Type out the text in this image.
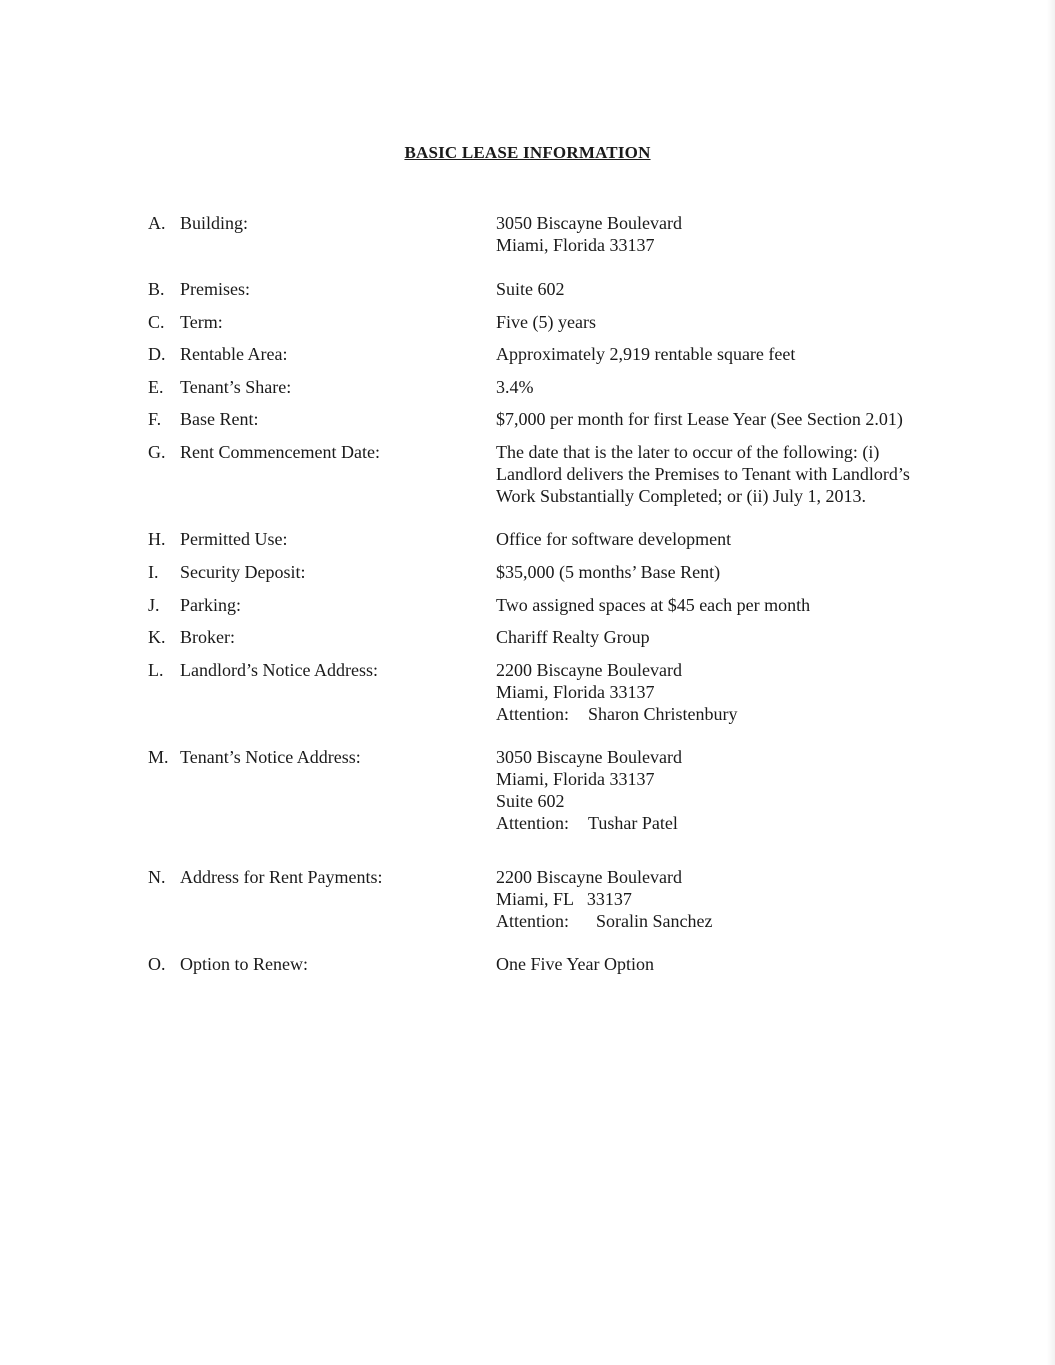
BASIC LEASE INFORMATION
A. Building:	3050 Biscayne Boulevard
Miami, Florida 33137
B. Premises:	Suite 602
C. Term:	Five (5) years
D. Rentable Area:	Approximately 2,919 rentable square feet
E. Tenant’s Share:	3.4%
F.	Base Rent:	$7,000 per month for first Lease Year (See Section 2.01)
G. Rent Commencement Date:	The date that is the later to occur of the following: (i)
Landlord delivers the Premises to Tenant with Landlord’s
Work Substantially Completed; or (ii) July 1, 2013.
H. Permitted Use:	Office for software development
I.	Security Deposit:	$35,000 (5 months’ Base Rent)
J.	Parking:	Two assigned spaces at $45 each per month
K. Broker:	Chariff Realty Group
L. Landlord’s Notice Address:	2200 Biscayne Boulevard
Miami, Florida 33137
Attention: Sharon Christenbury
M. Tenant’s Notice Address:	3050 Biscayne Boulevard
Miami, Florida 33137
Suite 602
Attention: Tushar Patel
N. Address for Rent Payments:	2200 Biscayne Boulevard
Miami, FL   33137
Attention: Soralin Sanchez
O. Option to Renew:	One Five Year Option
